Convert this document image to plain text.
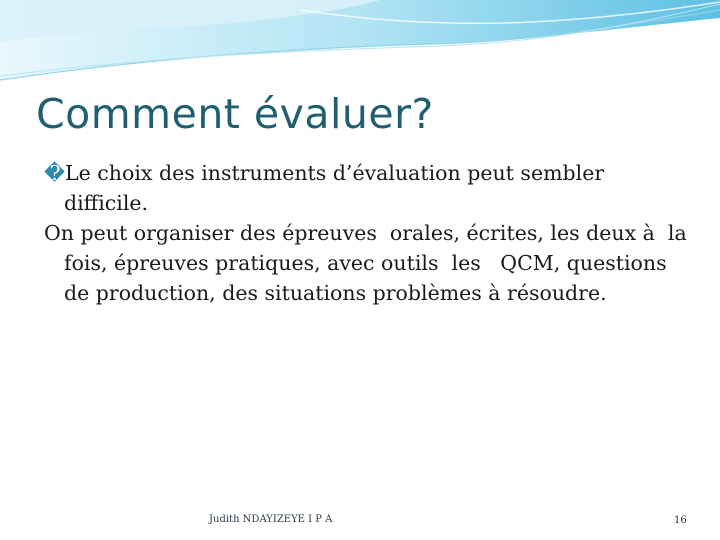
Comment évaluer?

�Le choix des instruments d’évaluation peut sembler difficile.

On peut organiser des épreuves  orales, écrites, les deux à  la fois, épreuves pratiques, avec outils  les   QCM, questions de production, des situations problèmes à résoudre.

Judith NDAYIZEYE I P A	16
